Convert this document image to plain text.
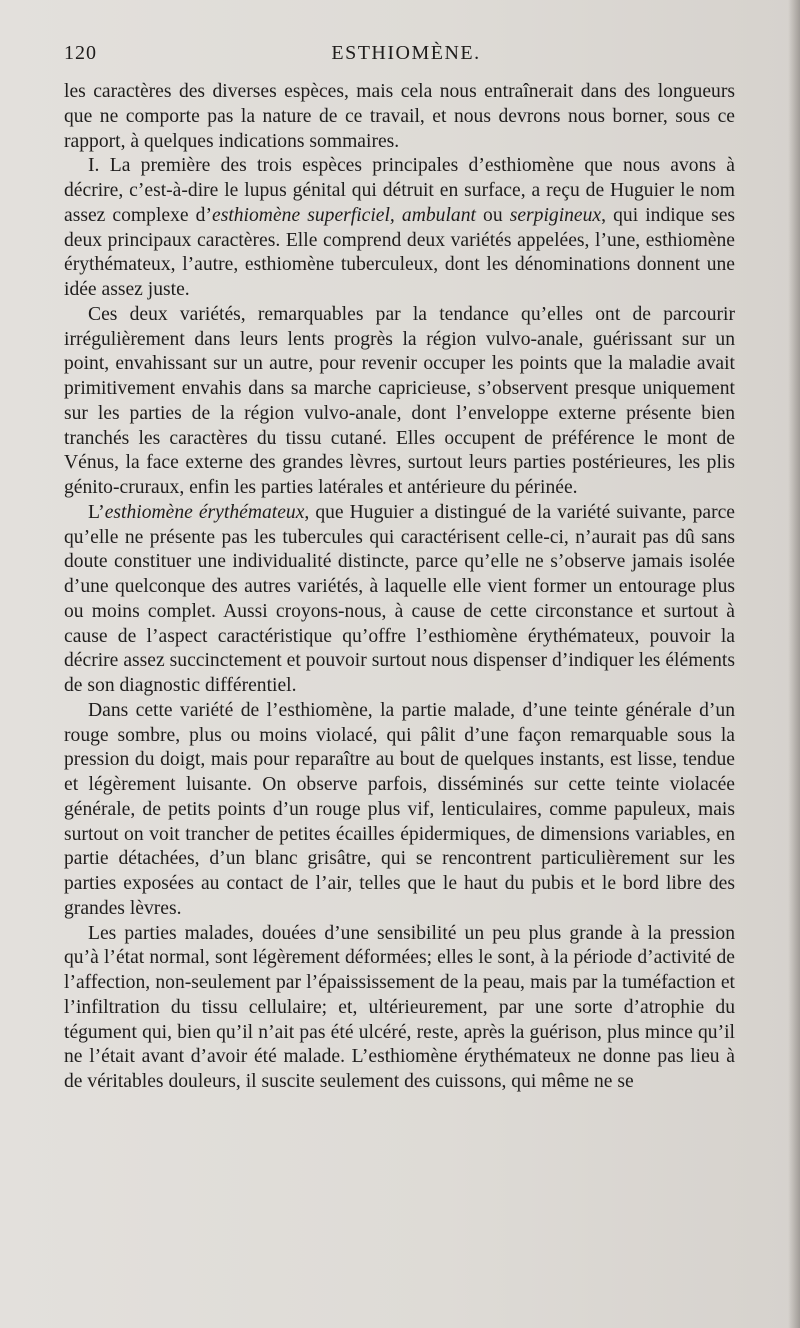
120	ESTHIOMÈNE.

les caractères des diverses espèces, mais cela nous entraînerait dans des longueurs que ne comporte pas la nature de ce travail, et nous devrons nous borner, sous ce rapport, à quelques indications sommaires.

I. La première des trois espèces principales d’esthiomène que nous avons à décrire, c’est-à-dire le lupus génital qui détruit en surface, a reçu de Huguier le nom assez complexe d’esthiomène superficiel, ambulant ou serpigineux, qui indique ses deux principaux caractères. Elle comprend deux variétés appelées, l’une, esthiomène érythémateux, l’autre, esthiomène tuberculeux, dont les dénominations donnent une idée assez juste.

Ces deux variétés, remarquables par la tendance qu’elles ont de parcourir irrégulièrement dans leurs lents progrès la région vulvo-anale, guérissant sur un point, envahissant sur un autre, pour revenir occuper les points que la maladie avait primitivement envahis dans sa marche capricieuse, s’observent presque uniquement sur les parties de la région vulvo-anale, dont l’enveloppe externe présente bien tranchés les caractères du tissu cutané. Elles occupent de préférence le mont de Vénus, la face externe des grandes lèvres, surtout leurs parties postérieures, les plis génito-cruraux, enfin les parties latérales et antérieure du périnée.

L’esthiomène érythémateux, que Huguier a distingué de la variété suivante, parce qu’elle ne présente pas les tubercules qui caractérisent celle-ci, n’aurait pas dû sans doute constituer une individualité distincte, parce qu’elle ne s’observe jamais isolée d’une quelconque des autres variétés, à laquelle elle vient former un entourage plus ou moins complet. Aussi croyons-nous, à cause de cette circonstance et surtout à cause de l’aspect caractéristique qu’offre l’esthiomène érythémateux, pouvoir la décrire assez succinctement et pouvoir surtout nous dispenser d’indiquer les éléments de son diagnostic différentiel.

Dans cette variété de l’esthiomène, la partie malade, d’une teinte générale d’un rouge sombre, plus ou moins violacé, qui pâlit d’une façon remarquable sous la pression du doigt, mais pour reparaître au bout de quelques instants, est lisse, tendue et légèrement luisante. On observe parfois, disséminés sur cette teinte violacée générale, de petits points d’un rouge plus vif, lenticulaires, comme papuleux, mais surtout on voit trancher de petites écailles épidermiques, de dimensions variables, en partie détachées, d’un blanc grisâtre, qui se rencontrent particulièrement sur les parties exposées au contact de l’air, telles que le haut du pubis et le bord libre des grandes lèvres.

Les parties malades, douées d’une sensibilité un peu plus grande à la pression qu’à l’état normal, sont légèrement déformées; elles le sont, à la période d’activité de l’affection, non-seulement par l’épaississement de la peau, mais par la tuméfaction et l’infiltration du tissu cellulaire; et, ultérieurement, par une sorte d’atrophie du tégument qui, bien qu’il n’ait pas été ulcéré, reste, après la guérison, plus mince qu’il ne l’était avant d’avoir été malade. L’esthiomène érythémateux ne donne pas lieu à de véritables douleurs, il suscite seulement des cuissons, qui même ne se
